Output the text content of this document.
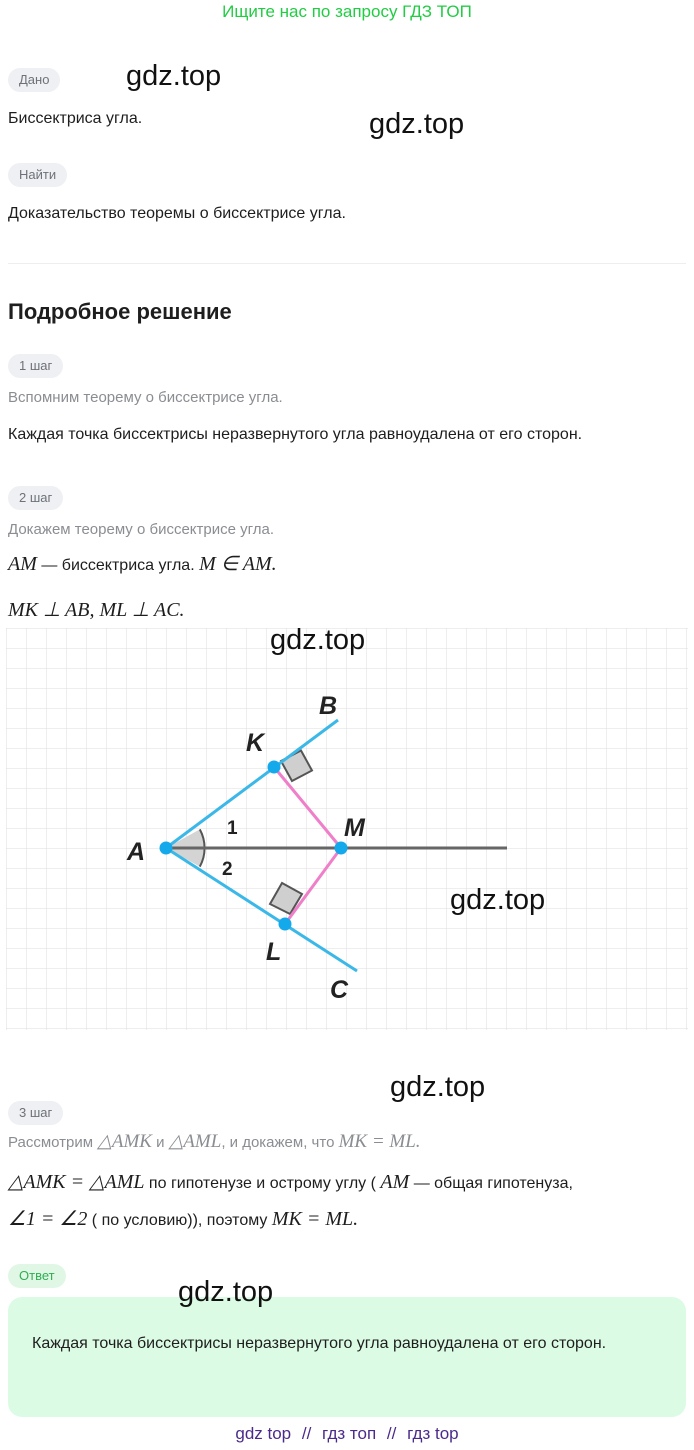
Ищите нас по запросу ГДЗ ТОП
Дано	gdz.top
Биссектриса угла.	gdz.top
Найти
Доказательство теоремы о биссектрисе угла.
Подробное решение
1 шаг
Вспомним теорему о биссектрисе угла.
Каждая точка биссектрисы неразвернутого угла равноудалена от его сторон.
2 шаг
Докажем теорему о биссектрисе угла.
AM — биссектриса угла. M ∈ AM.
MK ⊥ AB, ML ⊥ AC.
A
B
C
K
L
M
1
2
gdz.top
gdz.top
gdz.top
3 шаг
Рассмотрим △AMK и △AML, и докажем, что MK = ML.
△AMK = △AML по гипотенузе и острому углу ( AM — общая гипотенуза,
∠1 = ∠2 ( по условию)), поэтому MK = ML.
Ответ
Каждая точка биссектрисы неразвернутого угла равноудалена от его сторон.
gdz.top
gdz top // гдз топ // гдз top
